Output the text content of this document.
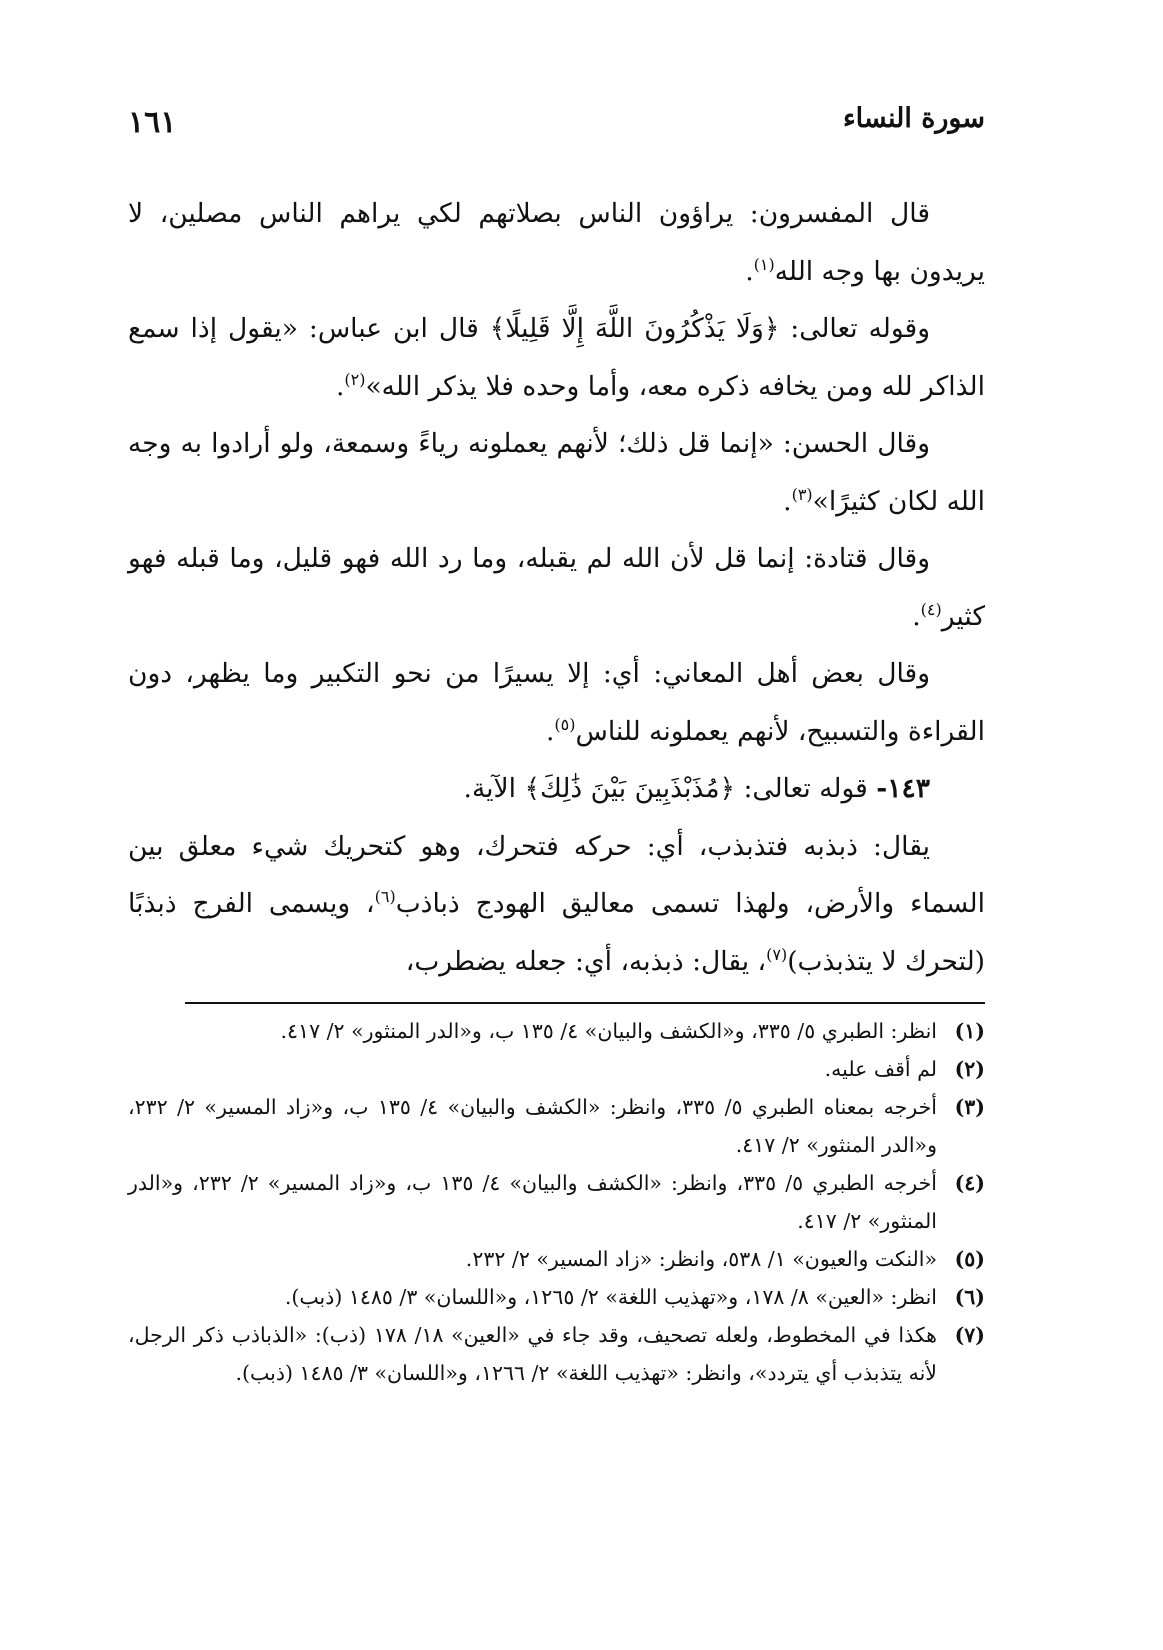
سورة النساء
١٦١

قال المفسرون: يراؤون الناس بصلاتهم لكي يراهم الناس مصلين، لا يريدون بها وجه الله$^{(١)}$.

وقوله تعالى: ﴿وَلَا يَذْكُرُونَ اللَّهَ إِلَّا قَلِيلًا﴾ قال ابن عباس: «يقول إذا سمع الذاكر لله ومن يخافه ذكره معه، وأما وحده فلا يذكر الله»$^{(٢)}$.

وقال الحسن: «إنما قل ذلك؛ لأنهم يعملونه رياءً وسمعة، ولو أرادوا به وجه الله لكان كثيرًا»$^{(٣)}$.

وقال قتادة: إنما قل لأن الله لم يقبله، وما رد الله فهو قليل، وما قبله فهو كثير$^{(٤)}$.

وقال بعض أهل المعاني: أي: إلا يسيرًا من نحو التكبير وما يظهر، دون القراءة والتسبيح، لأنهم يعملونه للناس$^{(٥)}$.

١٤٣- قوله تعالى: ﴿مُذَبْذَبِينَ بَيْنَ ذَٰلِكَ﴾ الآية.

يقال: ذبذبه فتذبذب، أي: حركه فتحرك، وهو كتحريك شيء معلق بين السماء والأرض، ولهذا تسمى معاليق الهودج ذباذب$^{(٦)}$، ويسمى الفرج ذبذبًا (لتحرك لا يتذبذب)$^{(٧)}$، يقال: ذبذبه، أي: جعله يضطرب،

(١)
انظر: الطبري ٥/ ٣٣٥، و«الكشف والبيان» ٤/ ١٣٥ ب، و«الدر المنثور» ٢/ ٤١٧.
(٢)
لم أقف عليه.
(٣)
أخرجه بمعناه الطبري ٥/ ٣٣٥، وانظر: «الكشف والبيان» ٤/ ١٣٥ ب، و«زاد المسير» ٢/ ٢٣٢، و«الدر المنثور» ٢/ ٤١٧.
(٤)
أخرجه الطبري ٥/ ٣٣٥، وانظر: «الكشف والبيان» ٤/ ١٣٥ ب، و«زاد المسير» ٢/ ٢٣٢، و«الدر المنثور» ٢/ ٤١٧.
(٥)
«النكت والعيون» ١/ ٥٣٨، وانظر: «زاد المسير» ٢/ ٢٣٢.
(٦)
انظر: «العين» ٨/ ١٧٨، و«تهذيب اللغة» ٢/ ١٢٦٥، و«اللسان» ٣/ ١٤٨٥ (ذبب).
(٧)
هكذا في المخطوط، ولعله تصحيف، وقد جاء في «العين» ١٨/ ١٧٨ (ذب): «الذباذب ذكر الرجل، لأنه يتذبذب أي يتردد»، وانظر: «تهذيب اللغة» ٢/ ١٢٦٦، و«اللسان» ٣/ ١٤٨٥ (ذبب).
